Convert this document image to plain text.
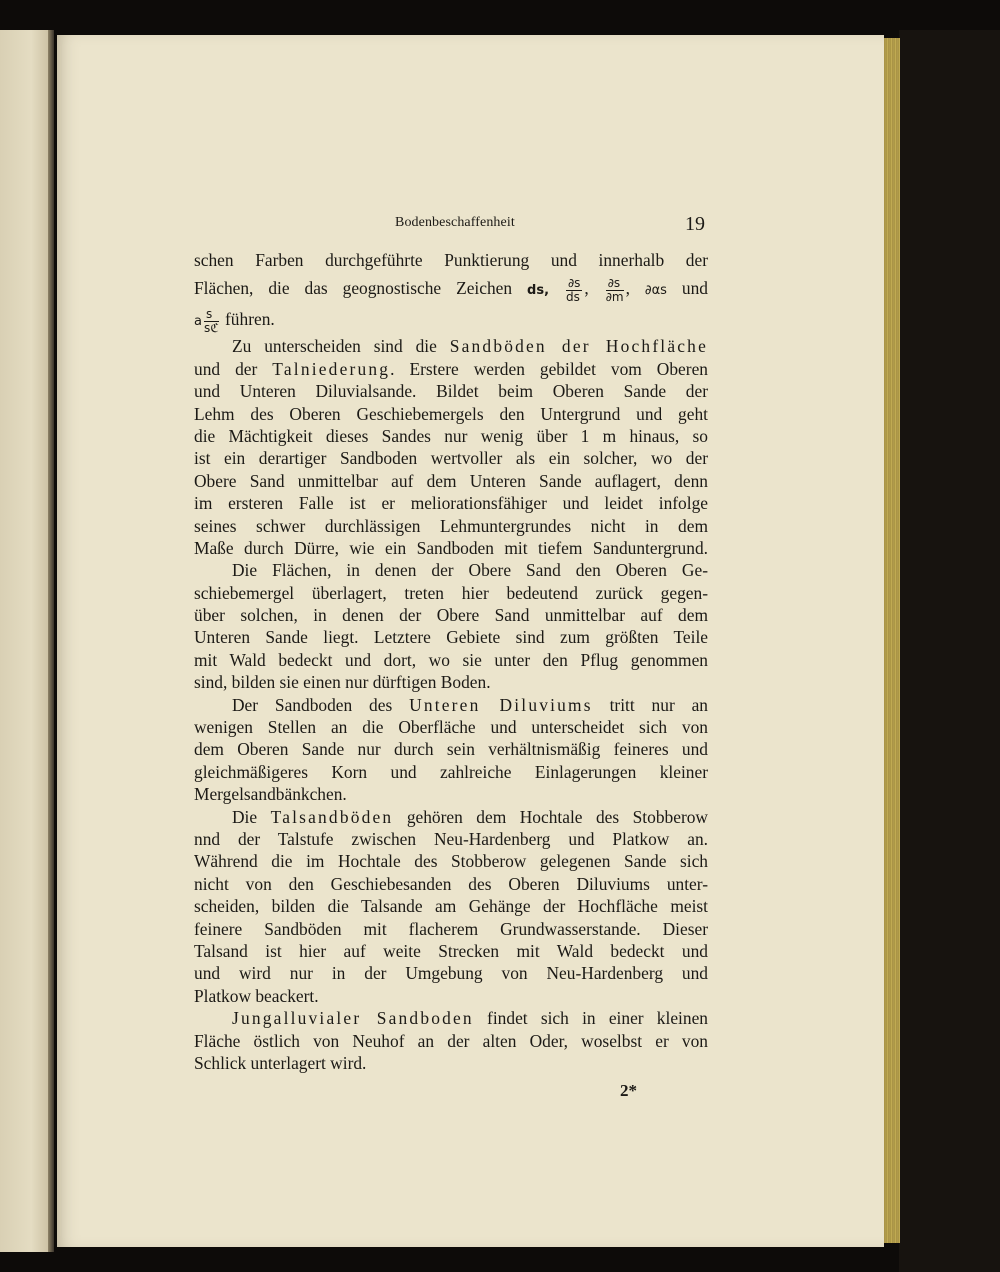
Bodenbeschaffenheit	19
schen Farben durchgeführte Punktierung und innerhalb der
Flächen, die das geognostische Zeichen ds, $\frac{\partial s}{ds}$ , $\frac{\partial s}{\partial m}$ , ∂αs und
a $\frac{s}{\text{sℭ}}$ führen.
Zu unterscheiden sind die Sandböden der Hochfläche
und der Talniederung. Erstere werden gebildet vom Oberen
und Unteren Diluvialsande. Bildet beim Oberen Sande der
Lehm des Oberen Geschiebemergels den Untergrund und geht
die Mächtigkeit dieses Sandes nur wenig über 1 m hinaus, so
ist ein derartiger Sandboden wertvoller als ein solcher, wo der
Obere Sand unmittelbar auf dem Unteren Sande auflagert, denn
im ersteren Falle ist er meliorationsfähiger und leidet infolge
seines schwer durchlässigen Lehmuntergrundes nicht in dem
Maße durch Dürre, wie ein Sandboden mit tiefem Sanduntergrund.
Die Flächen, in denen der Obere Sand den Oberen Ge-
schiebemergel überlagert, treten hier bedeutend zurück gegen-
über solchen, in denen der Obere Sand unmittelbar auf dem
Unteren Sande liegt. Letztere Gebiete sind zum größten Teile
mit Wald bedeckt und dort, wo sie unter den Pflug genommen
sind, bilden sie einen nur dürftigen Boden.
Der Sandboden des Unteren Diluviums tritt nur an
wenigen Stellen an die Oberfläche und unterscheidet sich von
dem Oberen Sande nur durch sein verhältnismäßig feineres und
gleichmäßigeres Korn und zahlreiche Einlagerungen kleiner
Mergelsandbänkchen.
Die Talsandböden gehören dem Hochtale des Stobberow
nnd der Talstufe zwischen Neu-Hardenberg und Platkow an.
Während die im Hochtale des Stobberow gelegenen Sande sich
nicht von den Geschiebesanden des Oberen Diluviums unter-
scheiden, bilden die Talsande am Gehänge der Hochfläche meist
feinere Sandböden mit flacherem Grundwasserstande. Dieser
Talsand ist hier auf weite Strecken mit Wald bedeckt und
und wird nur in der Umgebung von Neu-Hardenberg und
Platkow beackert.
Jungalluvialer Sandboden findet sich in einer kleinen
Fläche östlich von Neuhof an der alten Oder, woselbst er von
Schlick unterlagert wird.
2*
